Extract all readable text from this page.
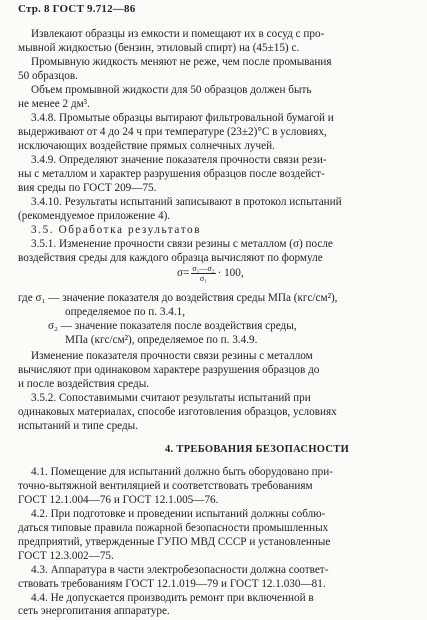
Стр. 8 ГОСТ 9.712—86
Извлекают образцы из емкости и помещают их в сосуд с про-
мывной жидкостью (бензин, этиловый спирт) на (45±15) с.
Промывную жидкость меняют не реже, чем после промывания
50 образцов.
Объем промывной жидкости для 50 образцов должен быть
не менее 2 дм³.
3.4.8. Промытые образцы вытирают фильтровальной бумагой и
выдерживают от 4 до 24 ч при температуре (23±2)°С в условиях,
исключающих воздействие прямых солнечных лучей.
3.4.9. Определяют значение показателя прочности связи рези-
ны с металлом и характер разрушения образцов после воздейст-
вия среды по ГОСТ 209—75.
3.4.10. Результаты испытаний записывают в протокол испытаний
(рекомендуемое приложение 4).
3.5. Обработка результатов
3.5.1. Изменение прочности связи резины с металлом (σ) после
воздействия среды для каждого образца вычисляют по формуле
$\sigma= \frac{\text{σ₁—σ₂}}{\text{σ₁}} \cdot 100$,
где σ₁ — значение показателя до воздействия среды МПа (кгс/см²),
определяемое по п. 3.4.1,
σ₂ — значение показателя после воздействия среды,
МПа (кгс/см²), определяемое по п. 3.4.9.
Изменение показателя прочности связи резины с металлом
вычисляют при одинаковом характере разрушения образцов до
и после воздействия среды.
3.5.2. Сопоставимыми считают результаты испытаний при
одинаковых материалах, способе изготовления образцов, условиях
испытаний и типе среды.
4. ТРЕБОВАНИЯ БЕЗОПАСНОСТИ
4.1. Помещение для испытаний должно быть оборудовано при-
точно-вытяжной вентиляцией и соответствовать требованиям
ГОСТ 12.1.004—76 и ГОСТ 12.1.005—76.
4.2. При подготовке и проведении испытаний должны соблю-
даться типовые правила пожарной безопасности промышленных
предприятий, утвержденные ГУПО МВД СССР и установленные
ГОСТ 12.3.002—75.
4.3. Аппаратура в части электробезопасности должна соответ-
ствовать требованиям ГОСТ 12.1.019—79 и ГОСТ 12.1.030—81.
4.4. Не допускается производить ремонт при включенной в
сеть энергопитания аппаратуре.
